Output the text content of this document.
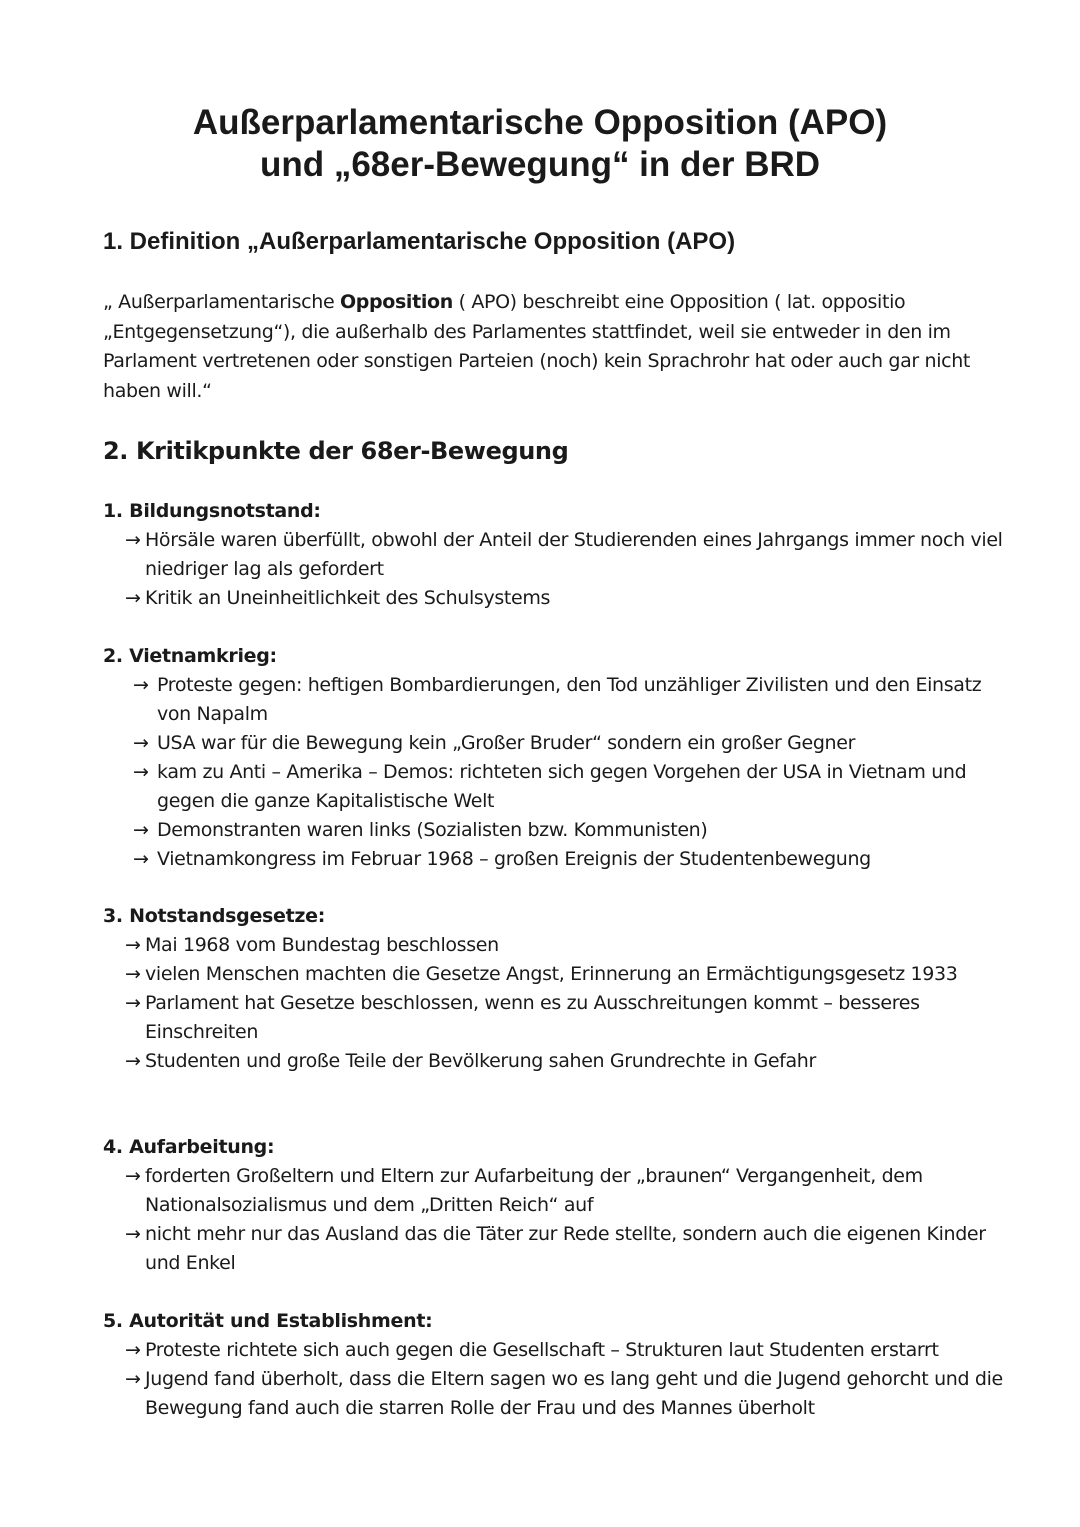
Außerparlamentarische Opposition (APO)
und „68er-Bewegung“ in der BRD
1. Definition „Außerparlamentarische Opposition (APO)
„ Außerparlamentarische Opposition ( APO) beschreibt eine Opposition ( lat. oppositio „Entgegensetzung“), die außerhalb des Parlamentes stattfindet, weil sie entweder in den im Parlament vertretenen oder sonstigen Parteien (noch) kein Sprachrohr hat oder auch gar nicht haben will.“
2. Kritikpunkte der 68er-Bewegung
1. Bildungsnotstand:
→ Hörsäle waren überfüllt, obwohl der Anteil der Studierenden eines Jahrgangs immer noch viel niedriger lag als gefordert
→ Kritik an Uneinheitlichkeit des Schulsystems
2. Vietnamkrieg:
→ Proteste gegen: heftigen Bombardierungen, den Tod unzähliger Zivilisten und den Einsatz von Napalm
→ USA war für die Bewegung kein „Großer Bruder“ sondern ein großer Gegner
→ kam zu Anti – Amerika – Demos: richteten sich gegen Vorgehen der USA in Vietnam und gegen die ganze Kapitalistische Welt
→ Demonstranten waren links (Sozialisten bzw. Kommunisten)
→ Vietnamkongress im Februar 1968 – großen Ereignis der Studentenbewegung
3. Notstandsgesetze:
→ Mai 1968 vom Bundestag beschlossen
→ vielen Menschen machten die Gesetze Angst, Erinnerung an Ermächtigungsgesetz 1933
→ Parlament hat Gesetze beschlossen, wenn es zu Ausschreitungen kommt – besseres Einschreiten
→ Studenten und große Teile der Bevölkerung sahen Grundrechte in Gefahr
4. Aufarbeitung:
→ forderten Großeltern und Eltern zur Aufarbeitung der „braunen“ Vergangenheit, dem Nationalsozialismus und dem „Dritten Reich“ auf
→ nicht mehr nur das Ausland das die Täter zur Rede stellte, sondern auch die eigenen Kinder und Enkel
5. Autorität und Establishment:
→ Proteste richtete sich auch gegen die Gesellschaft – Strukturen laut Studenten erstarrt
→ Jugend fand überholt, dass die Eltern sagen wo es lang geht und die Jugend gehorcht und die Bewegung fand auch die starren Rolle der Frau und des Mannes überholt
